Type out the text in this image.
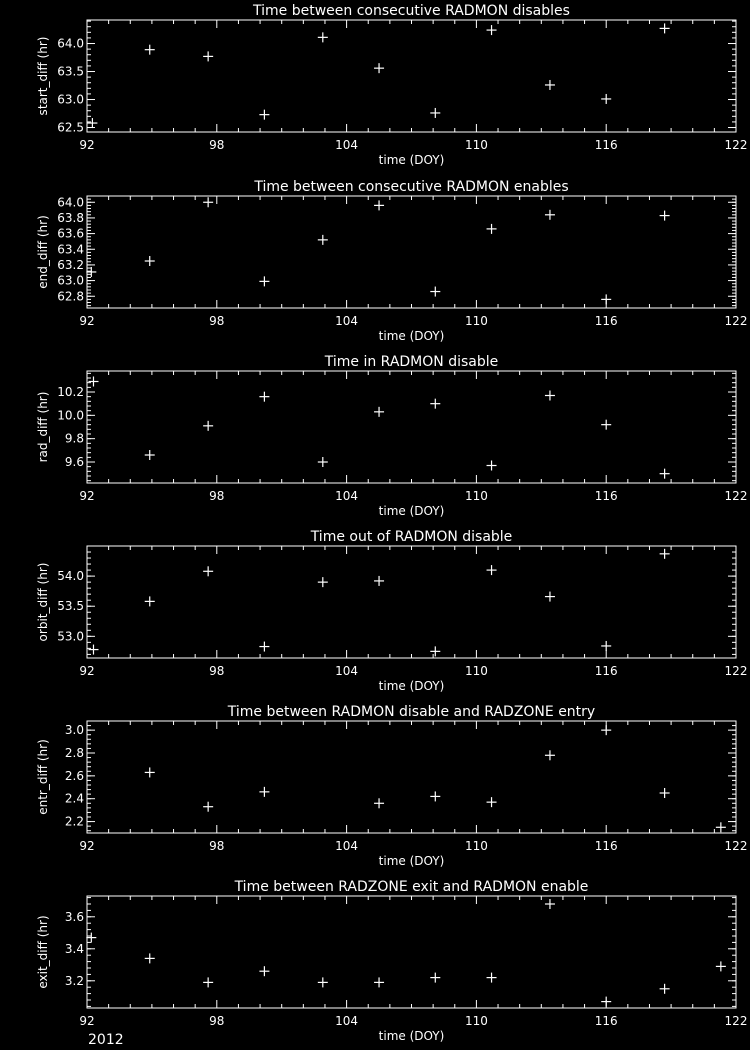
Time between consecutive RADMON disables
92	98	104	110	116	122
62.5
63.0
63.5
64.0
time (DOY)
start_diff (hr)
Time between consecutive RADMON enables
92	98	104	110	116	122
62.8
63.0
63.2
63.4
63.6
63.8
64.0
time (DOY)
end_diff (hr)
Time in RADMON disable
92	98	104	110	116	122
9.6
9.8
10.0
10.2
time (DOY)
rad_diff (hr)
Time out of RADMON disable
92	98	104	110	116	122
53.0
53.5
54.0
time (DOY)
orbit_diff (hr)
Time between RADMON disable and RADZONE entry
92	98	104	110	116	122
2.2
2.4
2.6
2.8
3.0
time (DOY)
entr_diff (hr)
Time between RADZONE exit and RADMON enable
92	98	104	110	116	122
3.2
3.4
3.6
time (DOY)
exit_diff (hr)
2012
